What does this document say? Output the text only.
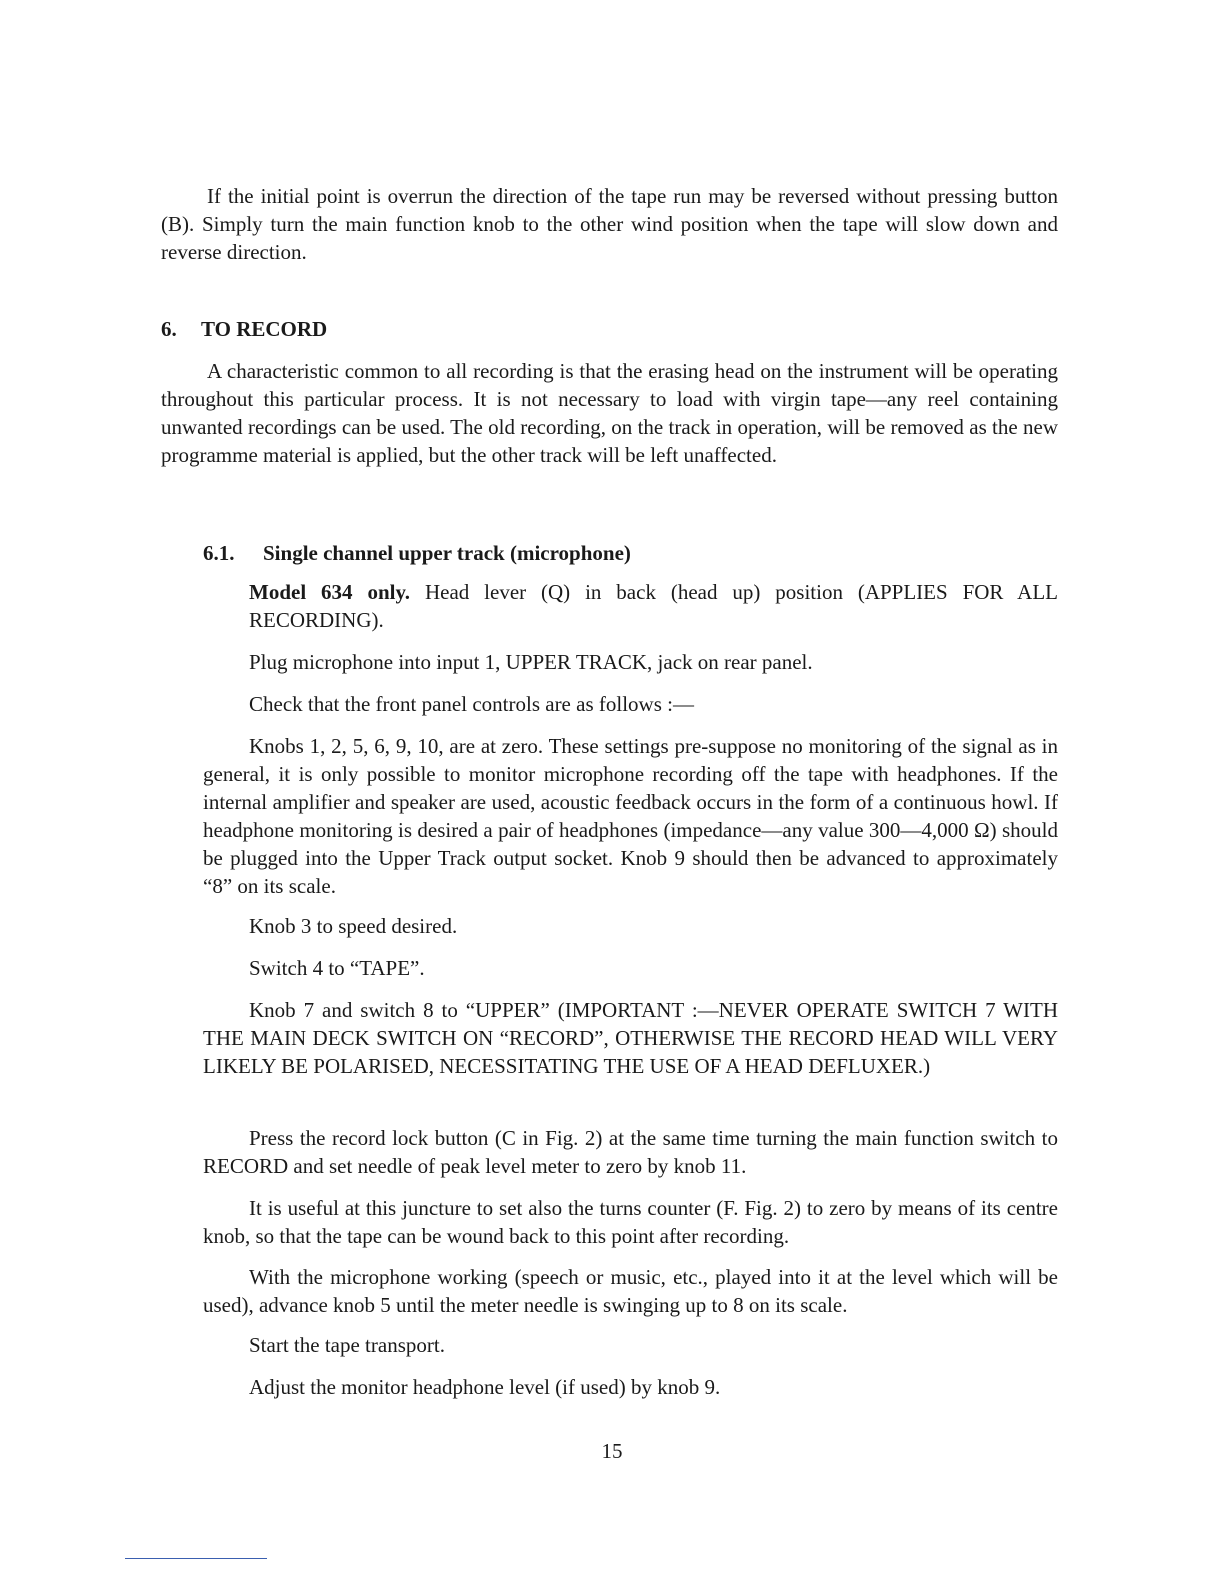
If the initial point is overrun the direction of the tape run may be reversed without pressing button (B). Simply turn the main function knob to the other wind position when the tape will slow down and reverse direction.

6. TO RECORD

A characteristic common to all recording is that the erasing head on the instrument will be operating throughout this particular process. It is not necessary to load with virgin tape—any reel containing unwanted recordings can be used. The old recording, on the track in operation, will be removed as the new programme material is applied, but the other track will be left unaffected.

6.1. Single channel upper track (microphone)

Model 634 only. Head lever (Q) in back (head up) position (APPLIES FOR ALL RECORDING).

Plug microphone into input 1, UPPER TRACK, jack on rear panel.

Check that the front panel controls are as follows :—

Knobs 1, 2, 5, 6, 9, 10, are at zero. These settings pre-suppose no monitoring of the signal as in general, it is only possible to monitor microphone recording off the tape with headphones. If the internal amplifier and speaker are used, acoustic feedback occurs in the form of a continuous howl. If headphone monitoring is desired a pair of headphones (impedance—any value 300—4,000 Ω) should be plugged into the Upper Track output socket. Knob 9 should then be advanced to approximately “8” on its scale.

Knob 3 to speed desired.

Switch 4 to “TAPE”.

Knob 7 and switch 8 to “UPPER” (IMPORTANT :—NEVER OPERATE SWITCH 7 WITH THE MAIN DECK SWITCH ON “RECORD”, OTHERWISE THE RECORD HEAD WILL VERY LIKELY BE POLARISED, NECESSITATING THE USE OF A HEAD DEFLUXER.)

Press the record lock button (C in Fig. 2) at the same time turning the main function switch to RECORD and set needle of peak level meter to zero by knob 11.

It is useful at this juncture to set also the turns counter (F. Fig. 2) to zero by means of its centre knob, so that the tape can be wound back to this point after recording.

With the microphone working (speech or music, etc., played into it at the level which will be used), advance knob 5 until the meter needle is swinging up to 8 on its scale.

Start the tape transport.

Adjust the monitor headphone level (if used) by knob 9.

15
